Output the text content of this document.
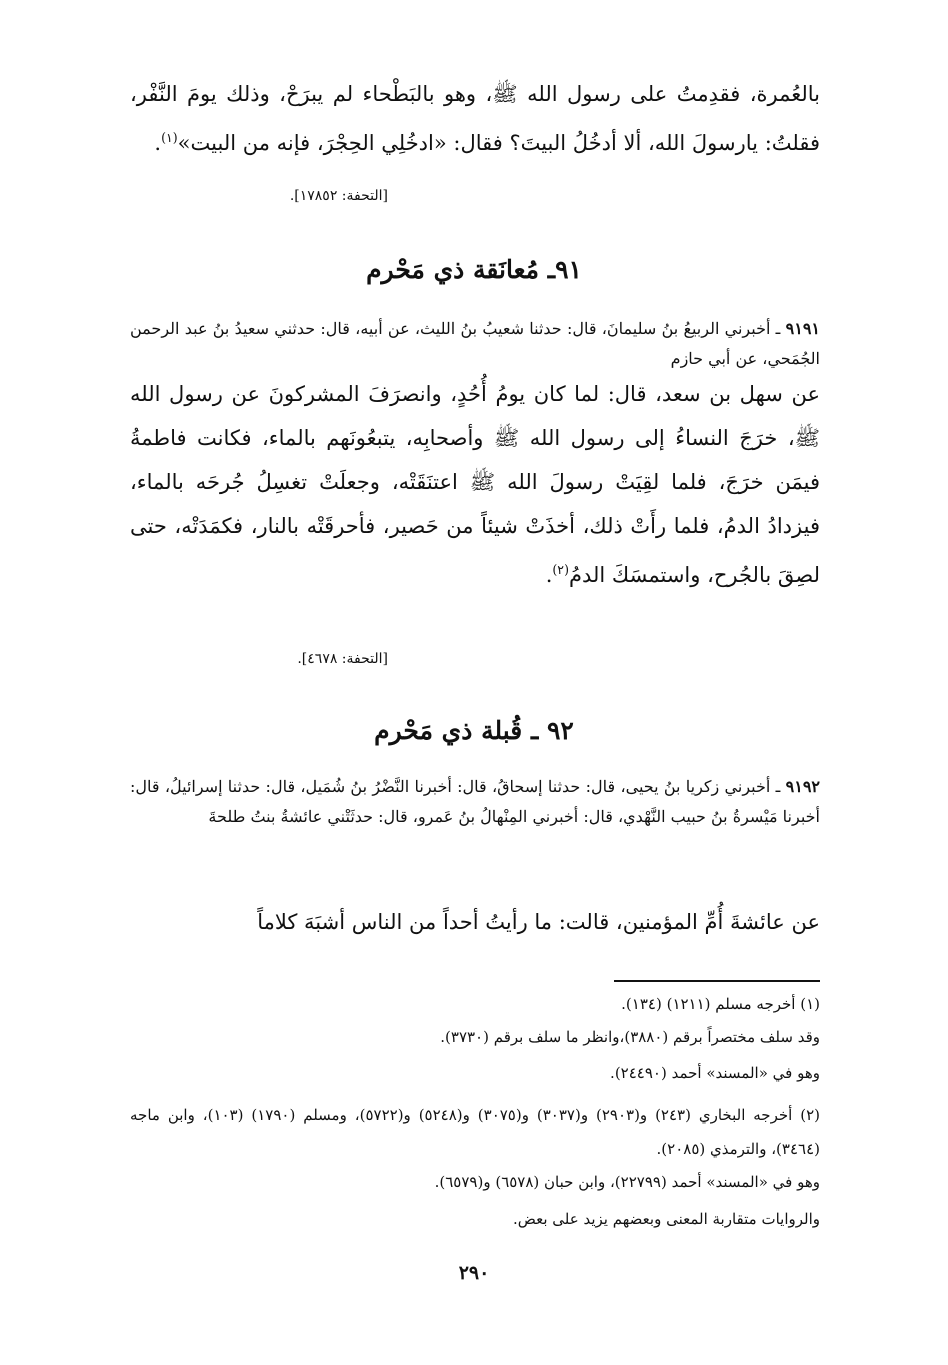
بالعُمرة، فقدِمتُ على رسول الله ﷺ، وهو بالبَطْحاء لم يبرَحْ، وذلك يومَ النَّفْر، فقلتُ: يارسولَ الله، ألا أدخُلُ البيتَ؟ فقال: «ادخُلِي الحِجْرَ، فإنه من البيت»$^{(١)}$.
[التحفة: ١٧٨٥٢].
٩١ـ مُعانَقة ذي مَحْرم
٩١٩١ ـ أخبرني الربيعُ بنُ سليمانَ، قال: حدثنا شعيبُ بنُ الليث، عن أبيه، قال: حدثني سعيدُ بنُ عبد الرحمن الجُمَحي، عن أبي حازم
عن سهل بن سعد، قال: لما كان يومُ أُحُدٍ، وانصرَفَ المشركونَ عن رسول الله ﷺ، خرَجَ النساءُ إلى رسول الله ﷺ وأصحابِه، يتبعُونَهم بالماء، فكانت فاطمةُ فيمَن خرَجَ، فلما لقِيَتْ رسولَ الله ﷺ اعتنَقَتْه، وجعلَتْ تغسِلُ جُرحَه بالماء، فيزدادُ الدمُ، فلما رأَتْ ذلك، أخذَتْ شيئاً من حَصير، فأحرقَتْه بالنار، فكمَدَتْه، حتى لصِقَ بالجُرح، واستمسَكَ الدمُ$^{(٢)}$.
[التحفة: ٤٦٧٨].
٩٢ ـ قُبلة ذي مَحْرم
٩١٩٢ ـ أخبرني زكريا بنُ يحيى، قال: حدثنا إسحاقُ، قال: أخبرنا النَّضْرُ بنُ شُمَيل، قال: حدثنا إسرائيلُ، قال: أخبرنا مَيْسرةُ بنُ حبيب النَّهْدي، قال: أخبرني المِنْهالُ بنُ عَمرو، قال: حدثَتْني عائشةُ بنتُ طلحةَ
عن عائشةَ أُمِّ المؤمنين، قالت: ما رأيتُ أحداً من الناس أشبَهَ كلاماً
(١) أخرجه مسلم (١٢١١) (١٣٤).
وقد سلف مختصراً برقم (٣٨٨٠)،وانظر ما سلف برقم (٣٧٣٠).
وهو في «المسند» أحمد (٢٤٤٩٠).
(٢) أخرجه البخاري (٢٤٣) و(٢٩٠٣) و(٣٠٣٧) و(٣٠٧٥) و(٥٢٤٨) و(٥٧٢٢)، ومسلم (١٧٩٠) (١٠٣)، وابن ماجه (٣٤٦٤)، والترمذي (٢٠٨٥).
وهو في «المسند» أحمد (٢٢٧٩٩)، وابن حبان (٦٥٧٨) و(٦٥٧٩).
والروايات متقاربة المعنى وبعضهم يزيد على بعض.
٢٩٠
